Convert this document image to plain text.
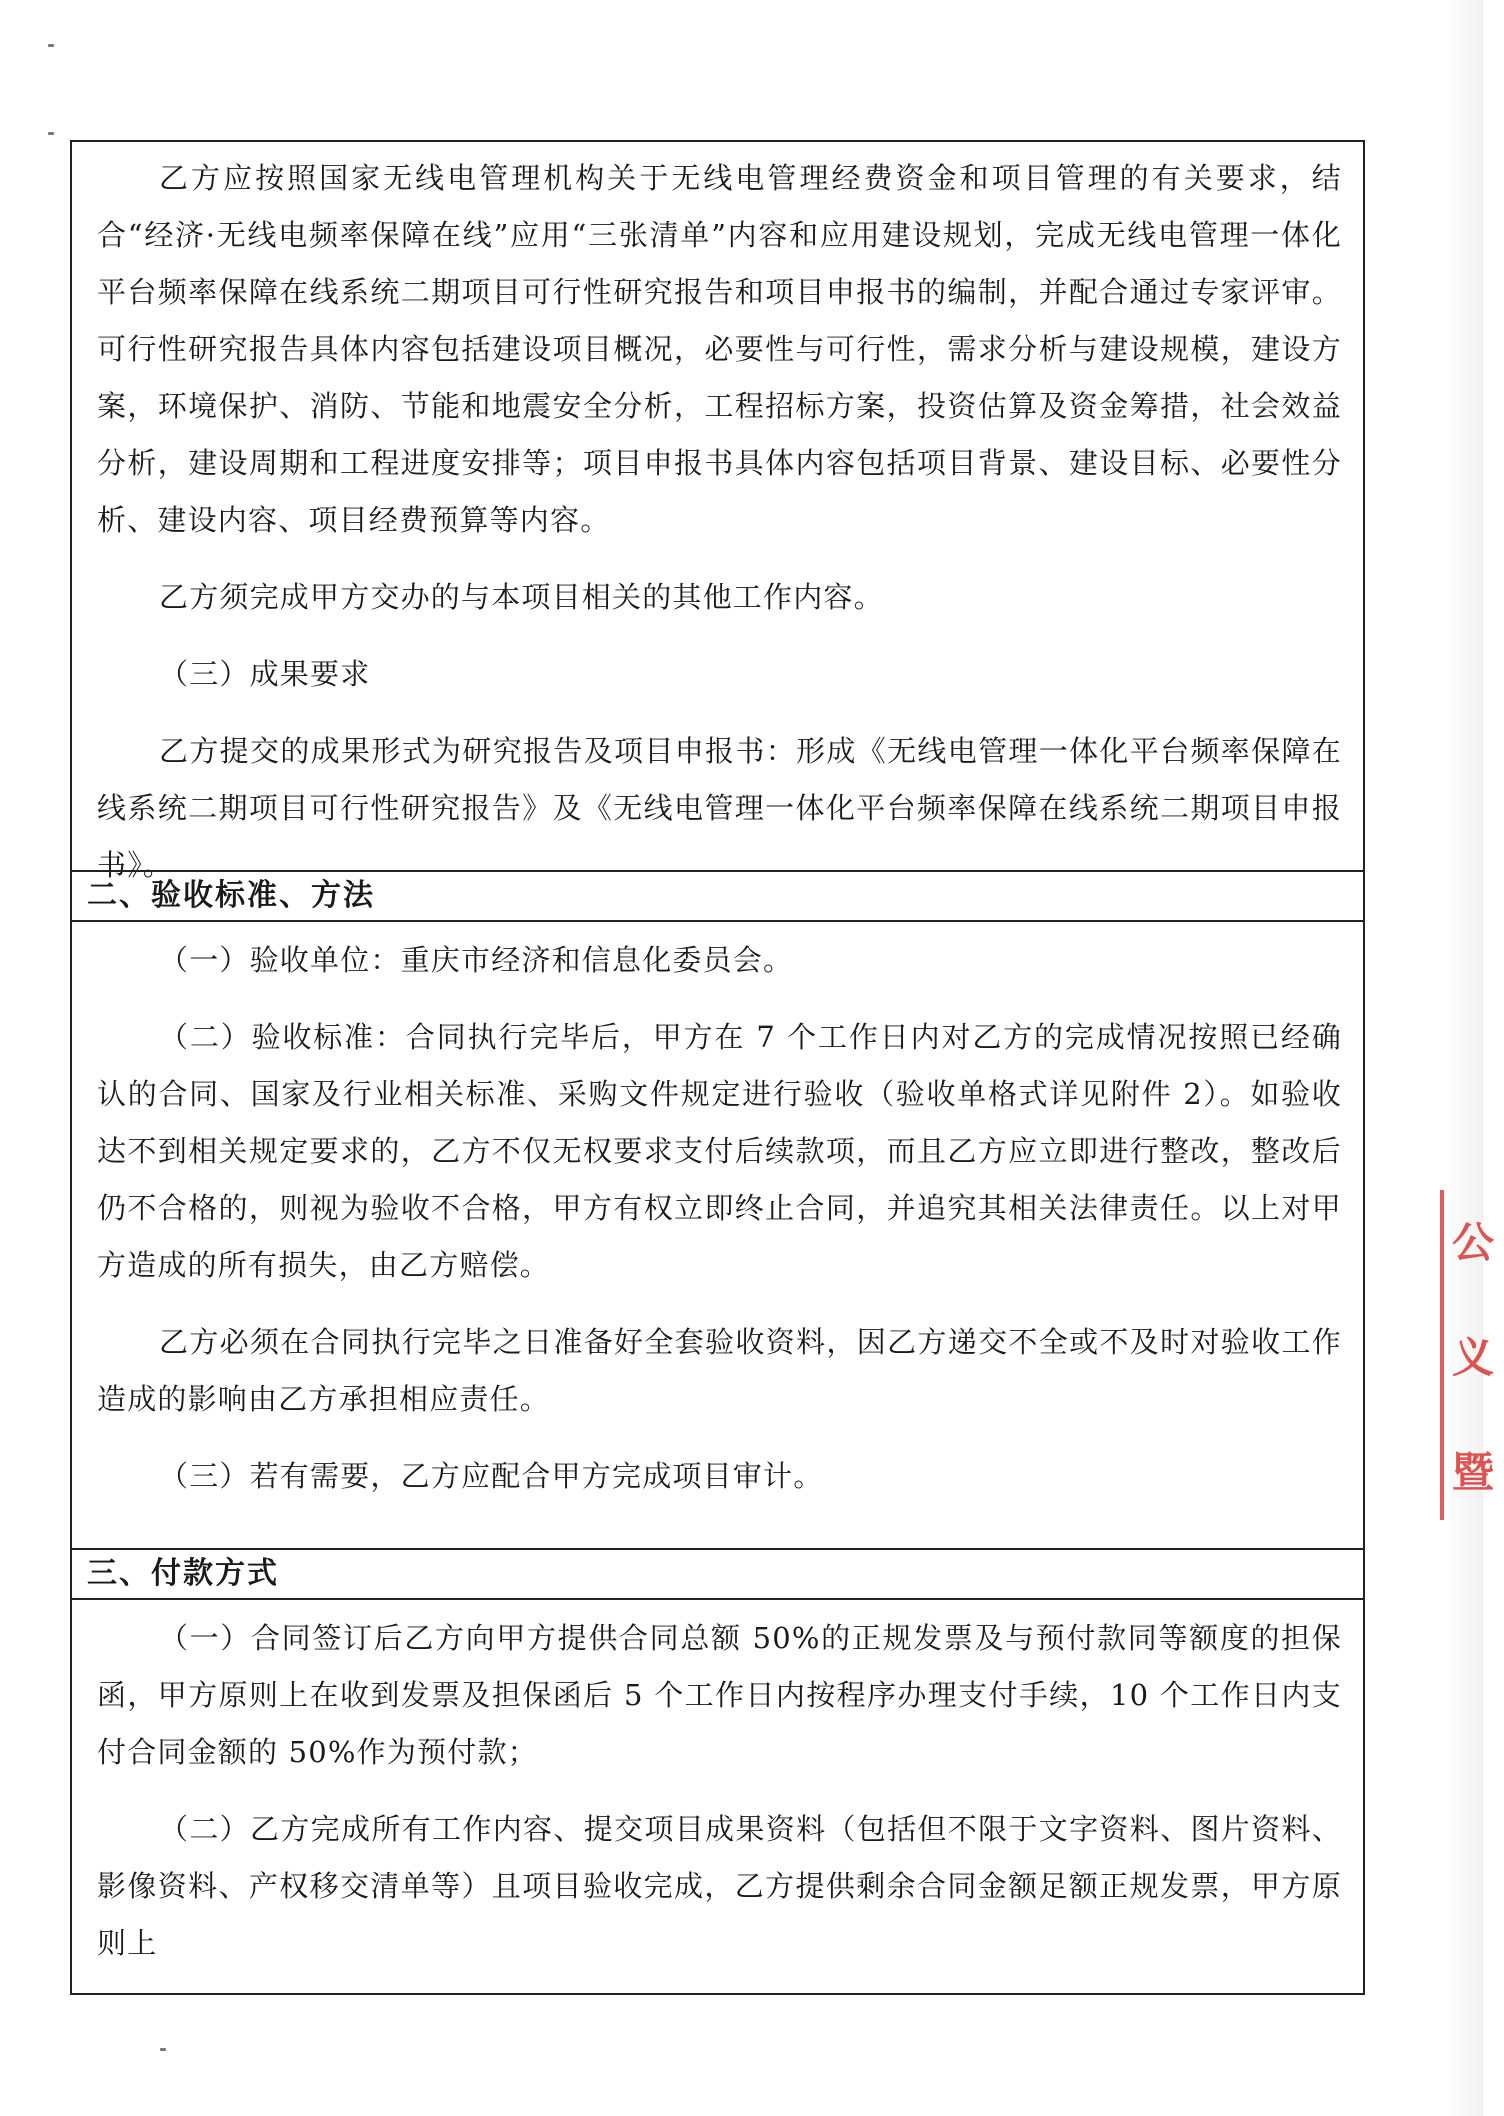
乙方应按照国家无线电管理机构关于无线电管理经费资金和项目管理的有关要求，结合“经济·无线电频率保障在线”应用“三张清单”内容和应用建设规划，完成无线电管理一体化平台频率保障在线系统二期项目可行性研究报告和项目申报书的编制，并配合通过专家评审。可行性研究报告具体内容包括建设项目概况，必要性与可行性，需求分析与建设规模，建设方案，环境保护、消防、节能和地震安全分析，工程招标方案，投资估算及资金筹措，社会效益分析，建设周期和工程进度安排等；项目申报书具体内容包括项目背景、建设目标、必要性分析、建设内容、项目经费预算等内容。

乙方须完成甲方交办的与本项目相关的其他工作内容。

（三）成果要求

乙方提交的成果形式为研究报告及项目申报书：形成《无线电管理一体化平台频率保障在线系统二期项目可行性研究报告》及《无线电管理一体化平台频率保障在线系统二期项目申报书》。

二、验收标准、方法

（一）验收单位：重庆市经济和信息化委员会。

（二）验收标准：合同执行完毕后，甲方在 7 个工作日内对乙方的完成情况按照已经确认的合同、国家及行业相关标准、采购文件规定进行验收（验收单格式详见附件 2）。如验收达不到相关规定要求的，乙方不仅无权要求支付后续款项，而且乙方应立即进行整改，整改后仍不合格的，则视为验收不合格，甲方有权立即终止合同，并追究其相关法律责任。以上对甲方造成的所有损失，由乙方赔偿。

乙方必须在合同执行完毕之日准备好全套验收资料，因乙方递交不全或不及时对验收工作造成的影响由乙方承担相应责任。

（三）若有需要，乙方应配合甲方完成项目审计。

三、付款方式

（一）合同签订后乙方向甲方提供合同总额 50%的正规发票及与预付款同等额度的担保函，甲方原则上在收到发票及担保函后 5 个工作日内按程序办理支付手续，10 个工作日内支付合同金额的 50%作为预付款；

（二）乙方完成所有工作内容、提交项目成果资料（包括但不限于文字资料、图片资料、影像资料、产权移交清单等）且项目验收完成，乙方提供剩余合同金额足额正规发票，甲方原则上

公
义
暨
